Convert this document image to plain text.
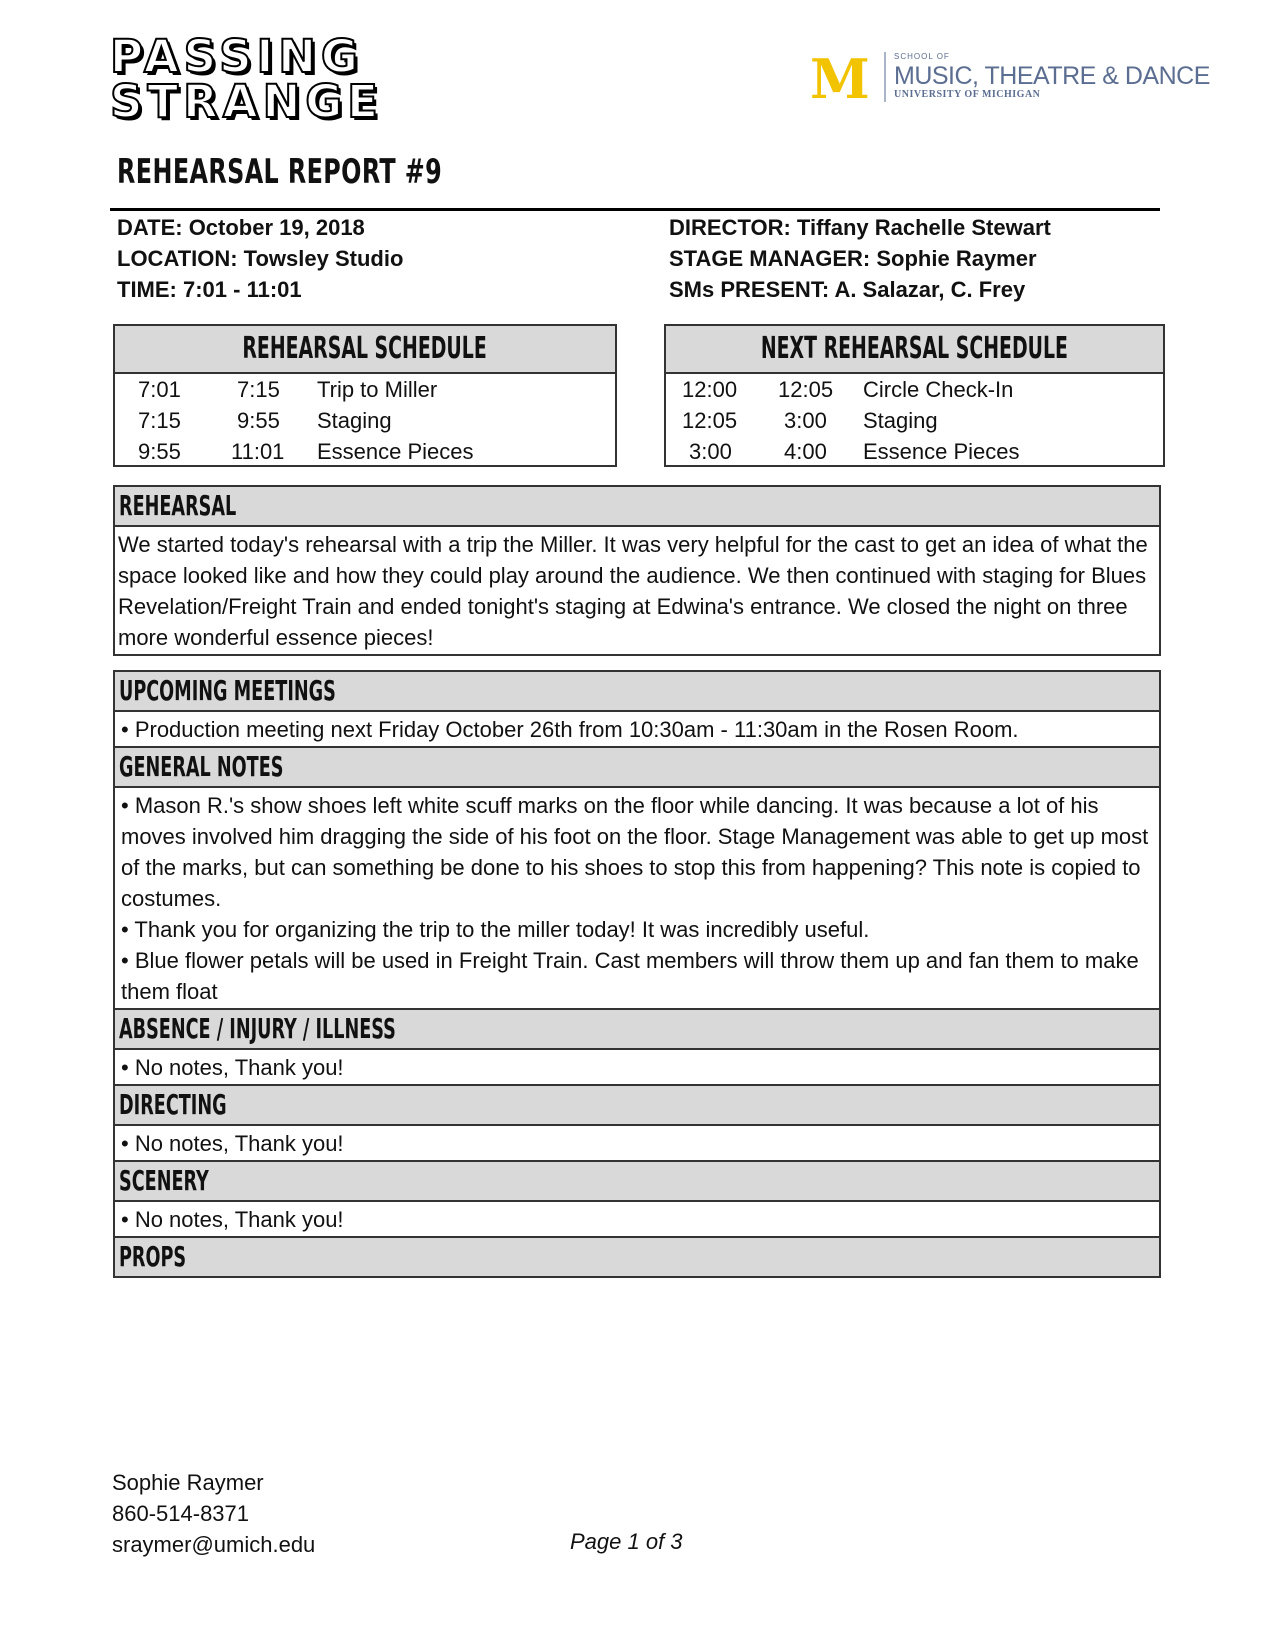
PASSING
STRANGE	M	SCHOOL OF
MUSIC, THEATRE & DANCE
UNIVERSITY OF MICHIGAN
REHEARSAL REPORT #9
DATE: October 19, 2018
LOCATION: Towsley Studio
TIME: 7:01 - 11:01
DIRECTOR: Tiffany Rachelle Stewart
STAGE MANAGER: Sophie Raymer
SMs PRESENT: A. Salazar, C. Frey
REHEARSAL SCHEDULE
7:01	7:15 Trip to Miller
7:15	9:55 Staging
9:55 11:01 Essence Pieces
NEXT REHEARSAL SCHEDULE
12:00 12:05 Circle Check-In
12:05 3:00 Staging
3:00 4:00 Essence Pieces
REHEARSAL

We started today's rehearsal with a trip the Miller. It was very helpful for the cast to get an idea of what the space looked like and how they could play around the audience. We then continued with staging for Blues Revelation/Freight Train and ended tonight's staging at Edwina's entrance. We closed the night on three more wonderful essence pieces!

UPCOMING MEETINGS

• Production meeting next Friday October 26th from 10:30am - 11:30am in the Rosen Room.

GENERAL NOTES

• Mason R.'s show shoes left white scuff marks on the floor while dancing. It was because a lot of his moves involved him dragging the side of his foot on the floor. Stage Management was able to get up most of the marks, but can something be done to his shoes to stop this from happening? This note is copied to costumes.

• Thank you for organizing the trip to the miller today! It was incredibly useful.

• Blue flower petals will be used in Freight Train. Cast members will throw them up and fan them to make them float

ABSENCE / INJURY / ILLNESS

• No notes, Thank you!

DIRECTING

• No notes, Thank you!

SCENERY

• No notes, Thank you!

PROPS
Sophie Raymer
860-514-8371
sraymer@umich.edu	Page 1 of 3
